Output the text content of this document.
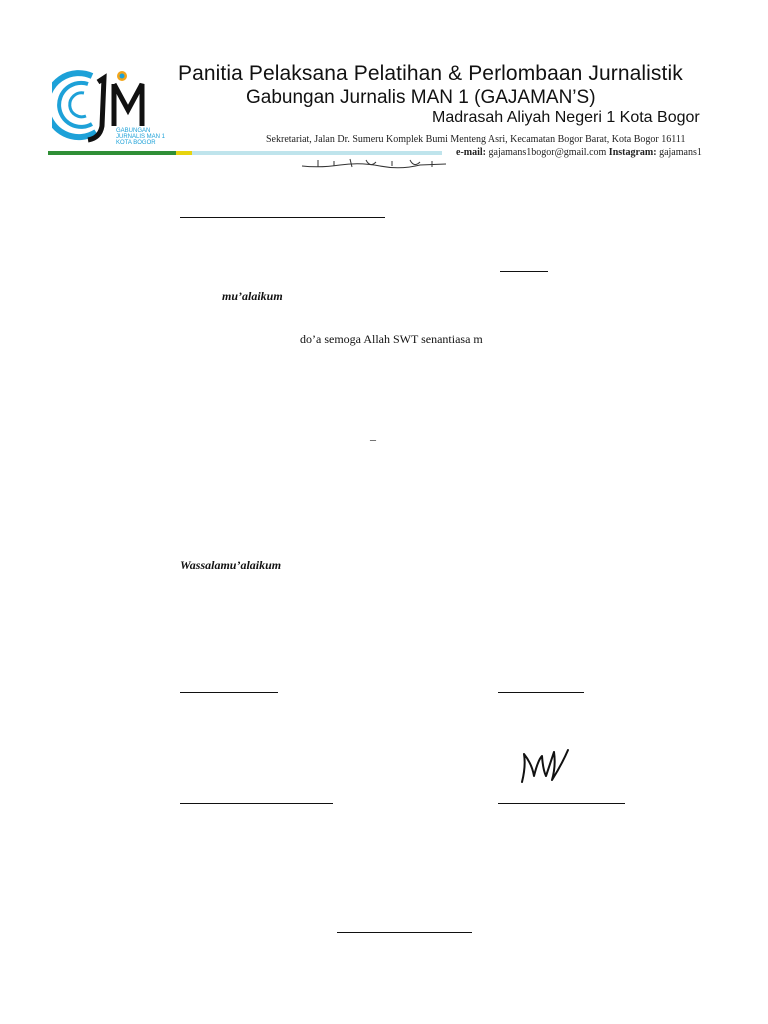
GABUNGAN
JURNALIS MAN 1
KOTA BOGOR
Panitia Pelaksana Pelatihan & Perlombaan Jurnalistik
Gabungan Jurnalis MAN 1 (GAJAMAN’S)
Madrasah Aliyah Negeri 1 Kota Bogor
Sekretariat, Jalan Dr. Sumeru Komplek Bumi Menteng Asri, Kecamatan Bogor Barat, Kota Bogor 16111
e-mail: gajamans1bogor@gmail.com Instagram: gajamans1
mu’alaikum
do’a semoga Allah SWT senantiasa m
–
Wassalamu’alaikum
